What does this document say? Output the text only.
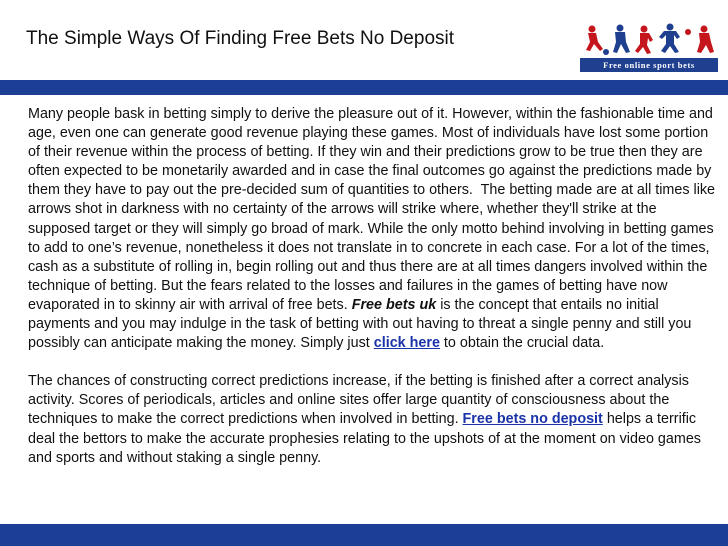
The Simple Ways Of Finding Free Bets No Deposit
Free online sport bets

Many people bask in betting simply to derive the pleasure out of it. However, within the fashionable time and age, even one can generate good revenue playing these games. Most of individuals have lost some portion of their revenue within the process of betting. If they win and their predictions grow to be true then they are often expected to be monetarily awarded and in case the final outcomes go against the predictions made by them they have to pay out the pre-decided sum of quantities to others.  The betting made are at all times like arrows shot in darkness with no certainty of the arrows will strike where, whether they'll strike at the supposed target or they will simply go broad of mark. While the only motto behind involving in betting games to add to one’s revenue, nonetheless it does not translate in to concrete in each case. For a lot of the times, cash as a substitute of rolling in, begin rolling out and thus there are at all times dangers involved within the technique of betting. But the fears related to the losses and failures in the games of betting have now evaporated in to skinny air with arrival of free bets. Free bets uk is the concept that entails no initial payments and you may indulge in the task of betting with out having to threat a single penny and still you possibly can anticipate making the money. Simply just click here to obtain the crucial data.

The chances of constructing correct predictions increase, if the betting is finished after a correct analysis activity. Scores of periodicals, articles and online sites offer large quantity of consciousness about the techniques to make the correct predictions when involved in betting. Free bets no deposit helps a terrific deal the bettors to make the accurate prophesies relating to the upshots of at the moment on video games and sports and without staking a single penny.
